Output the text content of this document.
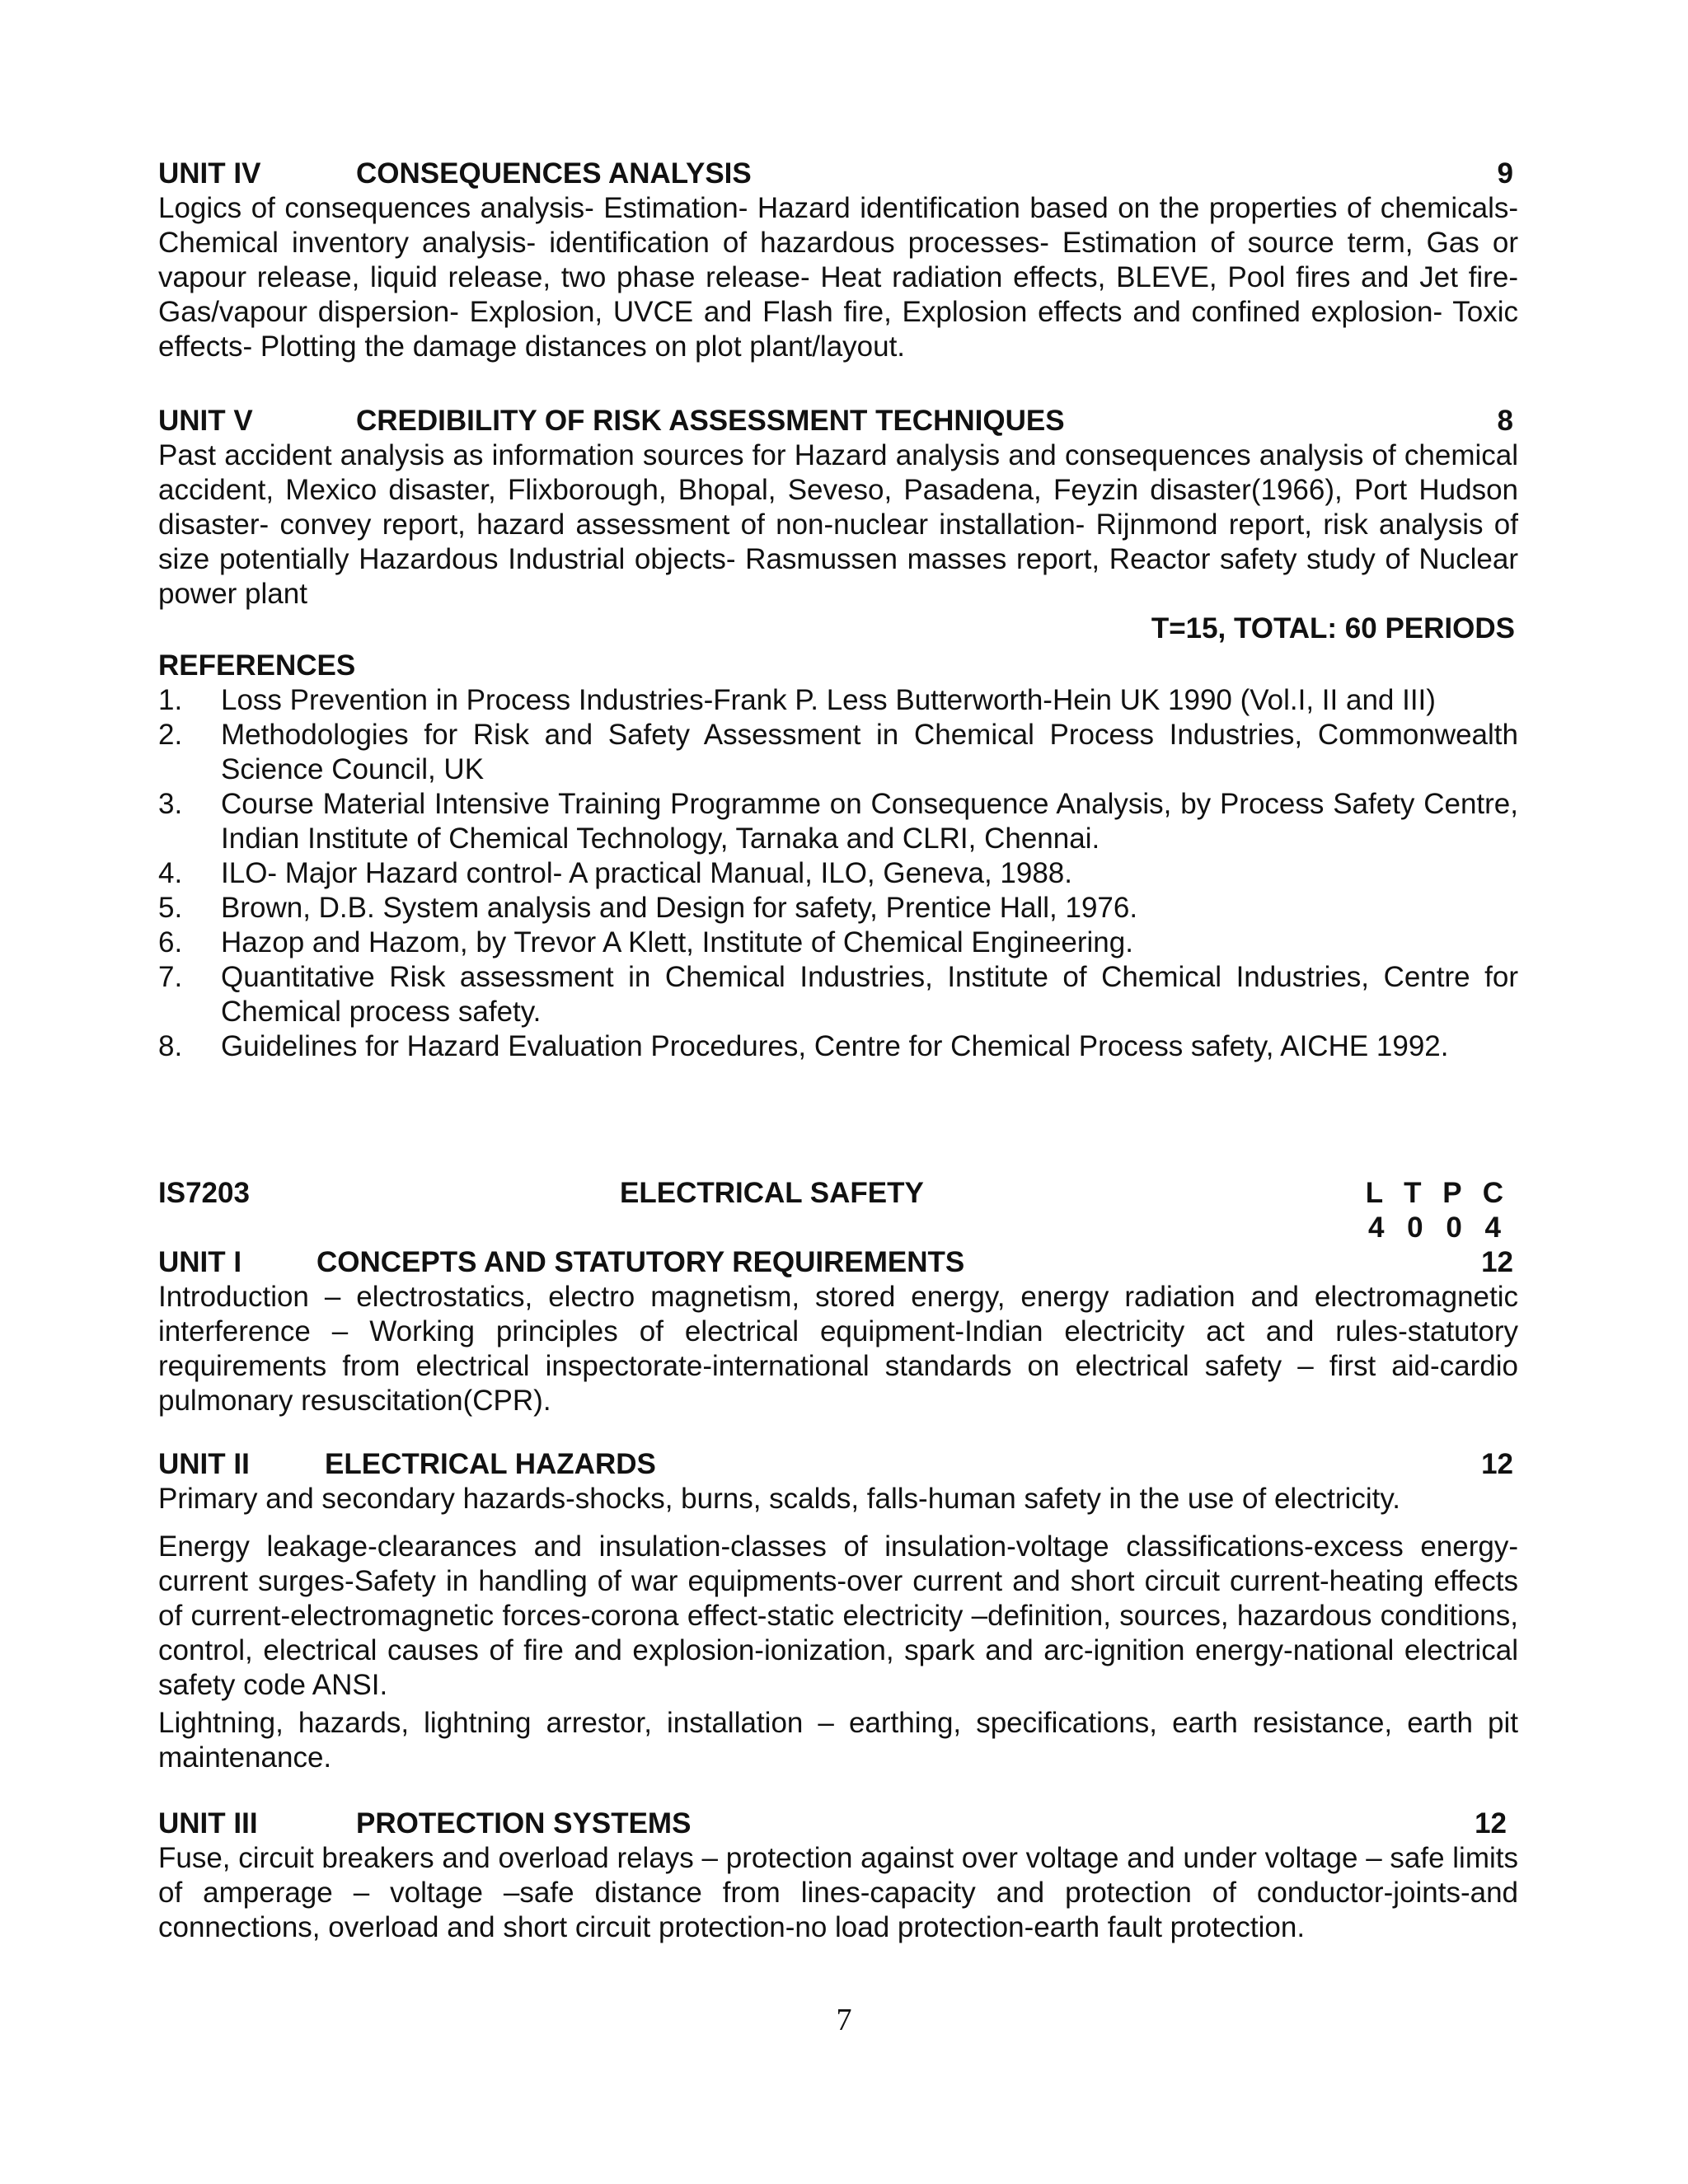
UNIT IV	CONSEQUENCES ANALYSIS	9

Logics of consequences analysis- Estimation- Hazard identification based on the properties of chemicals- Chemical inventory analysis- identification of hazardous processes- Estimation of source term, Gas or vapour release, liquid release, two phase release- Heat radiation effects, BLEVE, Pool fires and Jet fire- Gas/vapour dispersion- Explosion, UVCE and Flash fire, Explosion effects and confined explosion- Toxic effects- Plotting the damage distances on plot plant/layout.

UNIT V	CREDIBILITY OF RISK ASSESSMENT TECHNIQUES	8

Past accident analysis as information sources for Hazard analysis and consequences analysis of chemical accident, Mexico disaster, Flixborough, Bhopal, Seveso, Pasadena, Feyzin disaster(1966), Port Hudson disaster- convey report, hazard assessment of non-nuclear installation- Rijnmond report, risk analysis of size potentially Hazardous Industrial objects- Rasmussen masses report, Reactor safety study of Nuclear power plant

T=15, TOTAL: 60 PERIODS
REFERENCES
1. Loss Prevention in Process Industries-Frank P. Less Butterworth-Hein UK 1990 (Vol.I, II and III)
2. Methodologies for Risk and Safety Assessment in Chemical Process Industries, Commonwealth Science Council, UK
3. Course Material Intensive Training Programme on Consequence Analysis, by Process Safety Centre, Indian Institute of Chemical Technology, Tarnaka and CLRI, Chennai.
4. ILO- Major Hazard control- A practical Manual, ILO, Geneva, 1988.
5. Brown, D.B. System analysis and Design for safety, Prentice Hall, 1976.
6. Hazop and Hazom, by Trevor A Klett, Institute of Chemical Engineering.
7. Quantitative Risk assessment in Chemical Industries, Institute of Chemical Industries, Centre for Chemical process safety.
8. Guidelines for Hazard Evaluation Procedures, Centre for Chemical Process safety, AICHE 1992.
IS7203	ELECTRICAL SAFETY	L T P C
4 0 0 4
UNIT I	CONCEPTS AND STATUTORY REQUIREMENTS	12

Introduction – electrostatics, electro magnetism, stored energy, energy radiation and electromagnetic interference – Working principles of electrical equipment-Indian electricity act and rules-statutory requirements from electrical inspectorate-international standards on electrical safety – first aid-cardio pulmonary resuscitation(CPR).

UNIT II	ELECTRICAL HAZARDS	12

Primary and secondary hazards-shocks, burns, scalds, falls-human safety in the use of electricity.

Energy leakage-clearances and insulation-classes of insulation-voltage classifications-excess energy-current surges-Safety in handling of war equipments-over current and short circuit current-heating effects of current-electromagnetic forces-corona effect-static electricity –definition, sources, hazardous conditions, control, electrical causes of fire and explosion-ionization, spark and arc-ignition energy-national electrical safety code ANSI.

Lightning, hazards, lightning arrestor, installation – earthing, specifications, earth resistance, earth pit maintenance.

UNIT III	PROTECTION SYSTEMS	12

Fuse, circuit breakers and overload relays – protection against over voltage and under voltage – safe limits of amperage – voltage –safe distance from lines-capacity and protection of conductor-joints-and connections, overload and short circuit protection-no load protection-earth fault protection.

7
